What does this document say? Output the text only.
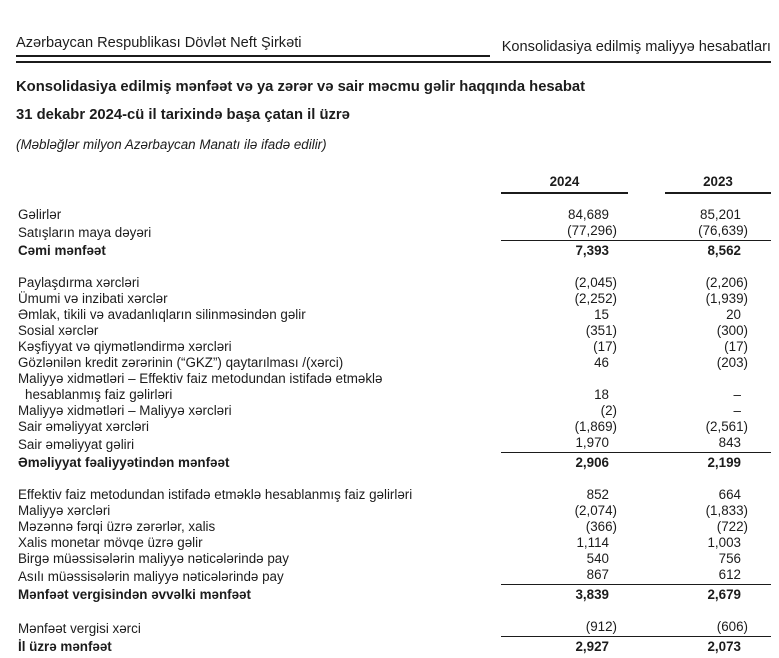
Azərbaycan Respublikası Dövlət Neft Şirkəti	Konsolidasiya edilmiş maliyyə hesabatları
Konsolidasiya edilmiş mənfəət və ya zərər və sair məcmu gəlir haqqında hesabat
31 dekabr 2024-cü il tarixində başa çatan il üzrə
(Məbləğlər milyon Azərbaycan Manatı ilə ifadə edilir)

	2024	2023

Gəlirlər	84,689	85,201
Satışların maya dəyəri	(77,296)	(76,639)
Cəmi mənfəət	7,393	8,562

Paylaşdırma xərcləri	(2,045)	(2,206)
Ümumi və inzibati xərclər	(2,252)	(1,939)
Əmlak, tikili və avadanlıqların silinməsindən gəlir	15	20
Sosial xərclər	(351)	(300)
Kəşfiyyat və qiymətləndirmə xərcləri	(17)	(17)
Gözlənilən kredit zərərinin (“GKZ”) qaytarılması /(xərci)	46	(203)
Maliyyə xidmətləri – Effektiv faiz metodundan istifadə etməklə
hesablanmış faiz gəlirləri	18	–
Maliyyə xidmətləri – Maliyyə xərcləri	(2)	–
Sair əməliyyat xərcləri	(1,869)	(2,561)
Sair əməliyyat gəliri	1,970	843
Əməliyyat fəaliyyətindən mənfəət	2,906	2,199

Effektiv faiz metodundan istifadə etməklə hesablanmış faiz gəlirləri	852	664
Maliyyə xərcləri	(2,074)	(1,833)
Məzənnə fərqi üzrə zərərlər, xalis	(366)	(722)
Xalis monetar mövqe üzrə gəlir	1,114	1,003
Birgə müəssisələrin maliyyə nəticələrində pay	540	756
Asılı müəssisələrin maliyyə nəticələrində pay	867	612
Mənfəət vergisindən əvvəlki mənfəət	3,839	2,679

Mənfəət vergisi xərci	(912)	(606)
İl üzrə mənfəət	2,927	2,073
